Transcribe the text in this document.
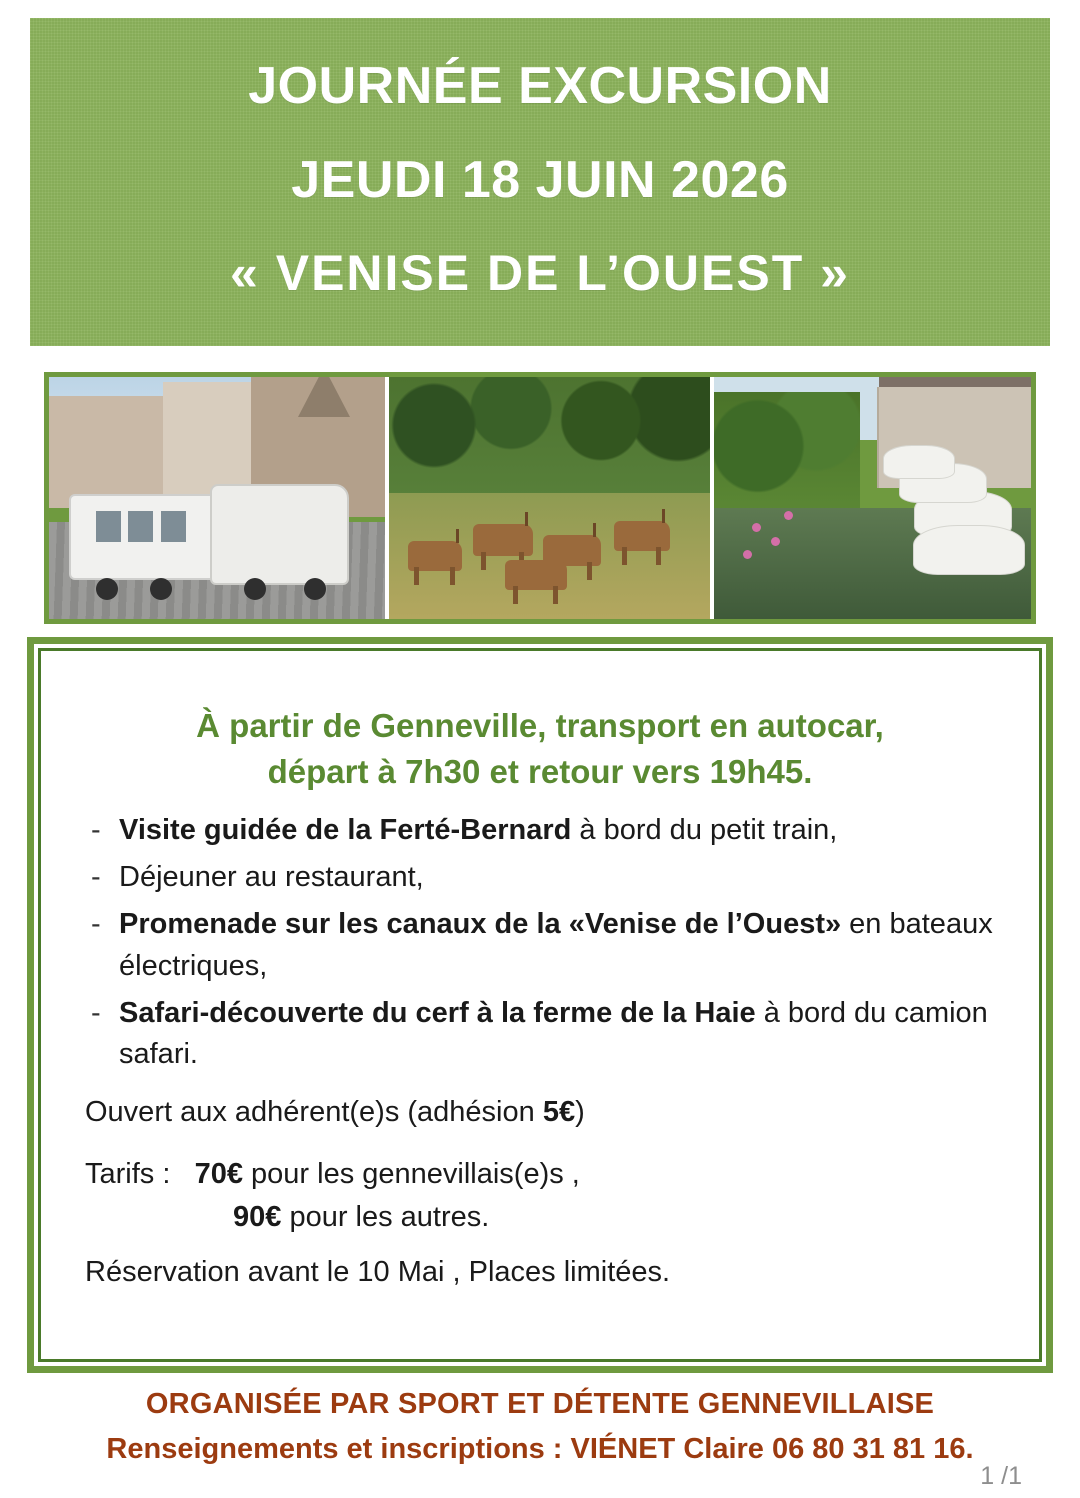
JOURNÉE EXCURSION
JEUDI 18 JUIN 2026
« VENISE DE L’OUEST »
À partir de Genneville, transport en autocar,
départ à 7h30 et retour vers 19h45.
- Visite guidée de la Ferté-Bernard à bord du petit train,
- Déjeuner au restaurant,
- Promenade sur les canaux de la «Venise de l’Ouest» en bateaux électriques,
- Safari-découverte du cerf à la ferme de la Haie à bord du camion safari.
Ouvert aux adhérent(e)s (adhésion 5€)
Tarifs : 70€ pour les gennevillais(e)s ,
90€ pour les autres.
Réservation avant le 10 Mai , Places limitées.
ORGANISÉE PAR SPORT ET DÉTENTE GENNEVILLAISE
Renseignements et inscriptions : VIÉNET Claire 06 80 31 81 16.
1 /1
